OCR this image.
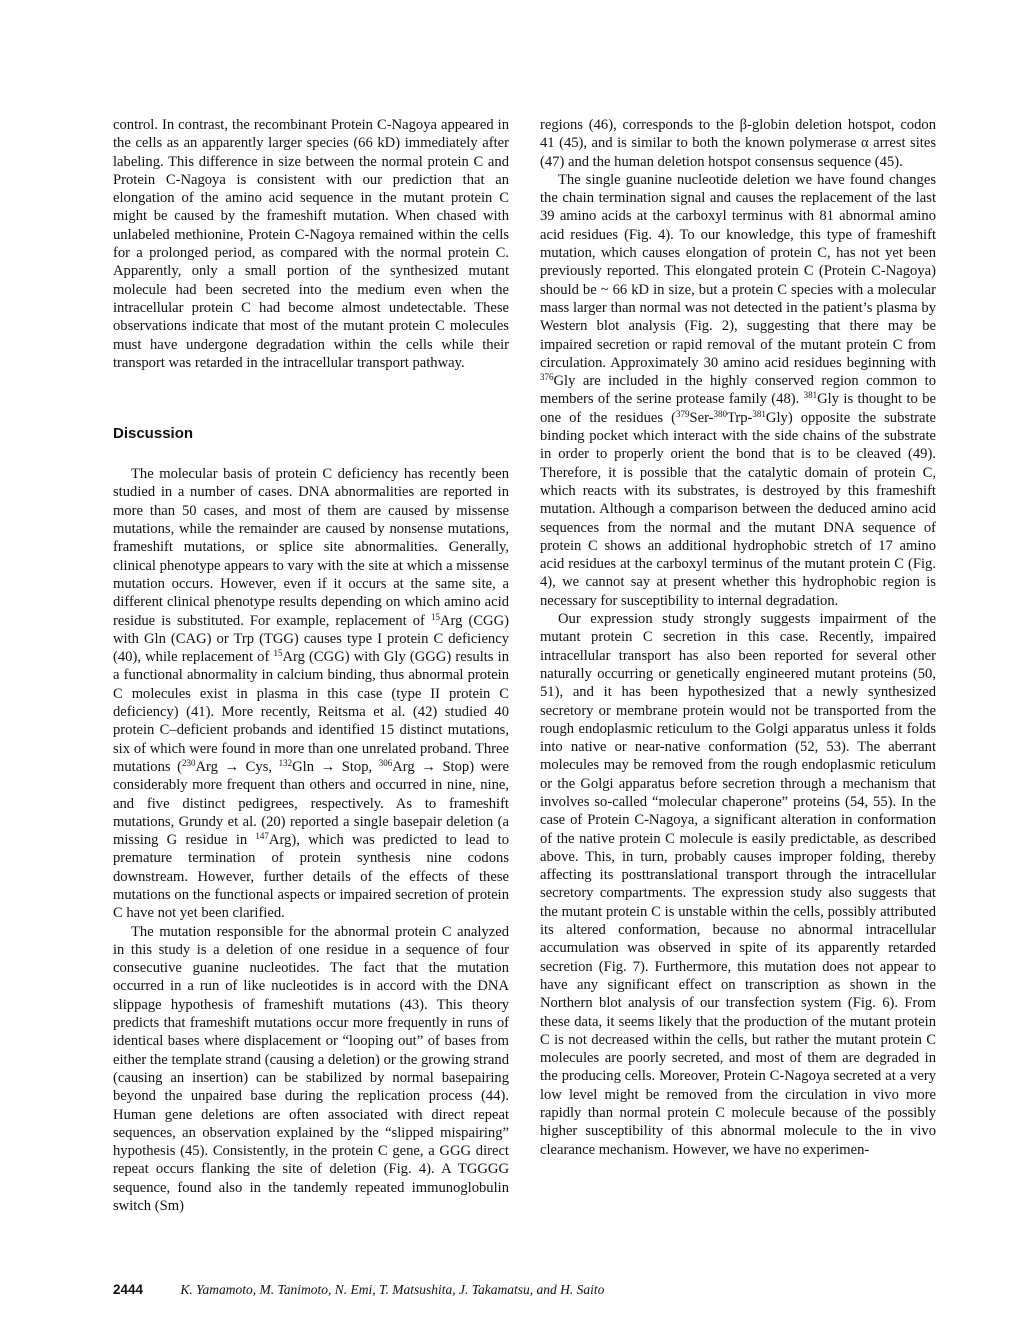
control. In contrast, the recombinant Protein C-Nagoya appeared in the cells as an apparently larger species (66 kD) immediately after labeling. This difference in size between the normal protein C and Protein C-Nagoya is consistent with our prediction that an elongation of the amino acid sequence in the mutant protein C might be caused by the frameshift mutation. When chased with unlabeled methionine, Protein C-Nagoya remained within the cells for a prolonged period, as compared with the normal protein C. Apparently, only a small portion of the synthesized mutant molecule had been secreted into the medium even when the intracellular protein C had become almost undetectable. These observations indicate that most of the mutant protein C molecules must have undergone degradation within the cells while their transport was retarded in the intracellular transport pathway.

Discussion

The molecular basis of protein C deficiency has recently been studied in a number of cases. DNA abnormalities are reported in more than 50 cases, and most of them are caused by missense mutations, while the remainder are caused by nonsense mutations, frameshift mutations, or splice site abnormalities. Generally, clinical phenotype appears to vary with the site at which a missense mutation occurs. However, even if it occurs at the same site, a different clinical phenotype results depending on which amino acid residue is substituted. For example, replacement of $^{15}$Arg (CGG) with Gln (CAG) or Trp (TGG) causes type I protein C deficiency (40), while replacement of $^{15}$Arg (CGG) with Gly (GGG) results in a functional abnormality in calcium binding, thus abnormal protein C molecules exist in plasma in this case (type II protein C deficiency) (41). More recently, Reitsma et al. (42) studied 40 protein C–deficient probands and identified 15 distinct mutations, six of which were found in more than one unrelated proband. Three mutations ($^{230}$Arg → Cys, $^{132}$Gln → Stop, $^{306}$Arg → Stop) were considerably more frequent than others and occurred in nine, nine, and five distinct pedigrees, respectively. As to frameshift mutations, Grundy et al. (20) reported a single basepair deletion (a missing G residue in $^{147}$Arg), which was predicted to lead to premature termination of protein synthesis nine codons downstream. However, further details of the effects of these mutations on the functional aspects or impaired secretion of protein C have not yet been clarified.

The mutation responsible for the abnormal protein C analyzed in this study is a deletion of one residue in a sequence of four consecutive guanine nucleotides. The fact that the mutation occurred in a run of like nucleotides is in accord with the DNA slippage hypothesis of frameshift mutations (43). This theory predicts that frameshift mutations occur more frequently in runs of identical bases where displacement or “looping out” of bases from either the template strand (causing a deletion) or the growing strand (causing an insertion) can be stabilized by normal basepairing beyond the unpaired base during the replication process (44). Human gene deletions are often associated with direct repeat sequences, an observation explained by the “slipped mispairing” hypothesis (45). Consistently, in the protein C gene, a GGG direct repeat occurs flanking the site of deletion (Fig. 4). A TGGGG sequence, found also in the tandemly repeated immunoglobulin switch (Sm)

regions (46), corresponds to the β-globin deletion hotspot, codon 41 (45), and is similar to both the known polymerase α arrest sites (47) and the human deletion hotspot consensus sequence (45).

The single guanine nucleotide deletion we have found changes the chain termination signal and causes the replacement of the last 39 amino acids at the carboxyl terminus with 81 abnormal amino acid residues (Fig. 4). To our knowledge, this type of frameshift mutation, which causes elongation of protein C, has not yet been previously reported. This elongated protein C (Protein C-Nagoya) should be ~ 66 kD in size, but a protein C species with a molecular mass larger than normal was not detected in the patient’s plasma by Western blot analysis (Fig. 2), suggesting that there may be impaired secretion or rapid removal of the mutant protein C from circulation. Approximately 30 amino acid residues beginning with $^{376}$Gly are included in the highly conserved region common to members of the serine protease family (48). $^{381}$Gly is thought to be one of the residues ($^{379}$Ser-$^{380}$Trp-$^{381}$Gly) opposite the substrate binding pocket which interact with the side chains of the substrate in order to properly orient the bond that is to be cleaved (49). Therefore, it is possible that the catalytic domain of protein C, which reacts with its substrates, is destroyed by this frameshift mutation. Although a comparison between the deduced amino acid sequences from the normal and the mutant DNA sequence of protein C shows an additional hydrophobic stretch of 17 amino acid residues at the carboxyl terminus of the mutant protein C (Fig. 4), we cannot say at present whether this hydrophobic region is necessary for susceptibility to internal degradation.

Our expression study strongly suggests impairment of the mutant protein C secretion in this case. Recently, impaired intracellular transport has also been reported for several other naturally occurring or genetically engineered mutant proteins (50, 51), and it has been hypothesized that a newly synthesized secretory or membrane protein would not be transported from the rough endoplasmic reticulum to the Golgi apparatus unless it folds into native or near-native conformation (52, 53). The aberrant molecules may be removed from the rough endoplasmic reticulum or the Golgi apparatus before secretion through a mechanism that involves so-called “molecular chaperone” proteins (54, 55). In the case of Protein C-Nagoya, a significant alteration in conformation of the native protein C molecule is easily predictable, as described above. This, in turn, probably causes improper folding, thereby affecting its posttranslational transport through the intracellular secretory compartments. The expression study also suggests that the mutant protein C is unstable within the cells, possibly attributed its altered conformation, because no abnormal intracellular accumulation was observed in spite of its apparently retarded secretion (Fig. 7). Furthermore, this mutation does not appear to have any significant effect on transcription as shown in the Northern blot analysis of our transfection system (Fig. 6). From these data, it seems likely that the production of the mutant protein C is not decreased within the cells, but rather the mutant protein C molecules are poorly secreted, and most of them are degraded in the producing cells. Moreover, Protein C-Nagoya secreted at a very low level might be removed from the circulation in vivo more rapidly than normal protein C molecule because of the possibly higher susceptibility of this abnormal molecule to the in vivo clearance mechanism. However, we have no experimen-

2444	K. Yamamoto, M. Tanimoto, N. Emi, T. Matsushita, J. Takamatsu, and H. Saito
